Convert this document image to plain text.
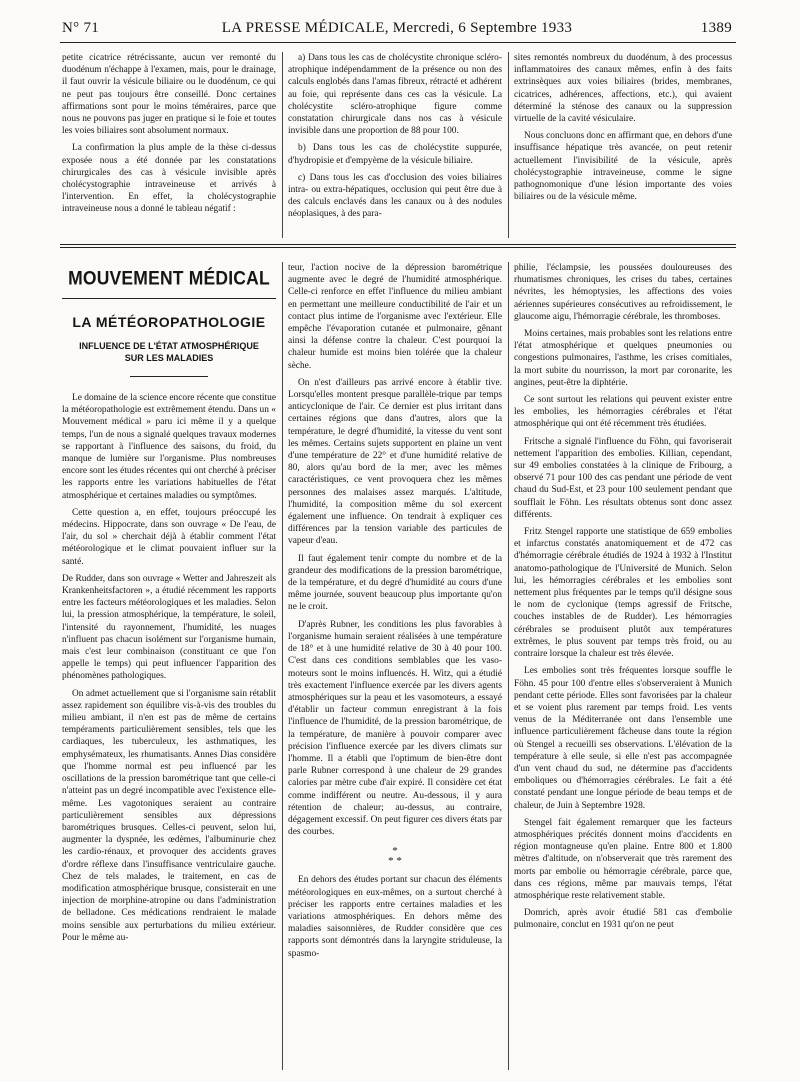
N° 71	LA PRESSE MÉDICALE, Mercredi, 6 Septembre 1933	1389

petite cicatrice rétrécissante, aucun ver remonté du duodénum n'échappe à l'examen, mais, pour le drainage, il faut ouvrir la vésicule biliaire ou le duodénum, ce qui ne peut pas toujours être conseillé. Donc certaines affirmations sont pour le moins téméraires, parce que nous ne pouvons pas juger en pratique si le foie et toutes les voies biliaires sont absolument normaux.

La confirmation la plus ample de la thèse ci-dessus exposée nous a été donnée par les constatations chirurgicales des cas à vésicule invisible après cholécystographie intraveineuse et arrivés à l'intervention. En effet, la cholécystographie intraveineuse nous a donné le tableau négatif :

a) Dans tous les cas de cholécystite chronique scléro-atrophique indépendamment de la présence ou non des calculs englobés dans l'amas fibreux, rétracté et adhérent au foie, qui représente dans ces cas la vésicule. La cholécystite scléro-atrophique figure comme constatation chirurgicale dans nos cas à vésicule invisible dans une proportion de 88 pour 100.

b) Dans tous les cas de cholécystite suppurée, d'hydropisie et d'empyème de la vésicule biliaire.

c) Dans tous les cas d'occlusion des voies biliaires intra- ou extra-hépatiques, occlusion qui peut être due à des calculs enclavés dans les canaux ou à des nodules néoplasiques, à des para-

sites remontés nombreux du duodénum, à des processus inflammatoires des canaux mêmes, enfin à des faits extrinsèques aux voies biliaires (brides, membranes, cicatrices, adhérences, affections, etc.), qui avaient déterminé la sténose des canaux ou la suppression virtuelle de la cavité vésiculaire.

Nous concluons donc en affirmant que, en dehors d'une insuffisance hépatique très avancée, on peut retenir actuellement l'invisibilité de la vésicule, après cholécystographie intraveineuse, comme le signe pathognomonique d'une lésion importante des voies biliaires ou de la vésicule même.

MOUVEMENT MÉDICAL

LA MÉTÉOROPATHOLOGIE

INFLUENCE DE L'ÉTAT ATMOSPHÉRIQUE

SUR LES MALADIES

Le domaine de la science encore récente que constitue la météoropathologie est extrêmement étendu. Dans un « Mouvement médical » paru ici même il y a quelque temps, l'un de nous a signalé quelques travaux modernes se rapportant à l'influence des saisons, du froid, du manque de lumière sur l'organisme. Plus nombreuses encore sont les études récentes qui ont cherché à préciser les rapports entre les variations habituelles de l'état atmosphérique et certaines maladies ou symptômes.

Cette question a, en effet, toujours préoccupé les médecins. Hippocrate, dans son ouvrage « De l'eau, de l'air, du sol » cherchait déjà à établir comment l'état météorologique et le climat pouvaient influer sur la santé.

De Rudder, dans son ouvrage « Wetter and Jahreszeit als Krankenheitsfactoren », a étudié récemment les rapports entre les facteurs météorologiques et les maladies. Selon lui, la pression atmosphérique, la température, le soleil, l'intensité du rayonnement, l'humidité, les nuages n'influent pas chacun isolément sur l'organisme humain, mais c'est leur combinaison (constituant ce que l'on appelle le temps) qui peut influencer l'apparition des phénomènes pathologiques.

On admet actuellement que si l'organisme sain rétablit assez rapidement son équilibre vis-à-vis des troubles du milieu ambiant, il n'en est pas de même de certains tempéraments particulièrement sensibles, tels que les cardiaques, les tuberculeux, les asthmatiques, les emphysémateux, les rhumatisants. Annes Dias considère que l'homme normal est peu influencé par les oscillations de la pression barométrique tant que celle-ci n'atteint pas un degré incompatible avec l'existence elle-même. Les vagotoniques seraient au contraire particulièrement sensibles aux dépressions barométriques brusques. Celles-ci peuvent, selon lui, augmenter la dyspnée, les œdèmes, l'albuminurie chez les cardio-rénaux, et provoquer des accidents graves d'ordre réflexe dans l'insuffisance ventriculaire gauche. Chez de tels malades, le traitement, en cas de modification atmosphérique brusque, consisterait en une injection de morphine-atropine ou dans l'administration de belladone. Ces médications rendraient le malade moins sensible aux perturbations du milieu extérieur. Pour le même au-

teur, l'action nocive de la dépression barométrique augmente avec le degré de l'humidité atmosphérique. Celle-ci renforce en effet l'influence du milieu ambiant en permettant une meilleure conductibilité de l'air et un contact plus intime de l'organisme avec l'extérieur. Elle empêche l'évaporation cutanée et pulmonaire, gênant ainsi la défense contre la chaleur. C'est pourquoi la chaleur humide est moins bien tolérée que la chaleur sèche.

On n'est d'ailleurs pas arrivé encore à établir tive. Lorsqu'elles montent presque parallèle-trique par temps anticyclonique de l'air. Ce dernier est plus irritant dans certaines régions que dans d'autres, alors que la température, le degré d'humidité, la vitesse du vent sont les mêmes. Certains sujets supportent en plaine un vent d'une température de 22° et d'une humidité relative de 80, alors qu'au bord de la mer, avec les mêmes caractéristiques, ce vent provoquera chez les mêmes personnes des malaises assez marqués. L'altitude, l'humidité, la composition même du sol exercent également une influence. On tendrait à expliquer ces différences par la tension variable des particules de vapeur d'eau.

Il faut également tenir compte du nombre et de la grandeur des modifications de la pression barométrique, de la température, et du degré d'humidité au cours d'une même journée, souvent beaucoup plus importante qu'on ne le croit.

D'après Rubner, les conditions les plus favorables à l'organisme humain seraient réalisées à une température de 18° et à une humidité relative de 30 à 40 pour 100. C'est dans ces conditions semblables que les vaso-moteurs sont le moins influencés. H. Witz, qui a étudié très exactement l'influence exercée par les divers agents atmosphériques sur la peau et les vasomoteurs, a essayé d'établir un facteur commun enregistrant à la fois l'influence de l'humidité, de la pression barométrique, de la température, de manière à pouvoir comparer avec précision l'influence exercée par les divers climats sur l'homme. Il a établi que l'optimum de bien-être dont parle Rubner correspond à une chaleur de 29 grandes calories par mètre cube d'air expiré. Il considère cet état comme indifférent ou neutre. Au-dessous, il y aura rétention de chaleur; au-dessus, au contraire, dégagement excessif. On peut figurer ces divers états par des courbes.

*
* *

En dehors des études portant sur chacun des éléments météorologiques en eux-mêmes, on a surtout cherché à préciser les rapports entre certaines maladies et les variations atmosphériques. En dehors même des maladies saisonnières, de Rudder considère que ces rapports sont démontrés dans la laryngite striduleuse, la spasmo-

philie, l'éclampsie, les poussées douloureuses des rhumatismes chroniques, les crises du tabes, certaines névrites, les hémoptysies, les affections des voies aériennes supérieures consécutives au refroidissement, le glaucome aigu, l'hémorragie cérébrale, les thromboses.

Moins certaines, mais probables sont les relations entre l'état atmosphérique et quelques pneumonies ou congestions pulmonaires, l'asthme, les crises comitiales, la mort subite du nourrisson, la mort par coronarite, les angines, peut-être la diphtérie.

Ce sont surtout les relations qui peuvent exister entre les embolies, les hémorragies cérébrales et l'état atmosphérique qui ont été récemment très étudiées.

Fritsche a signalé l'influence du Föhn, qui favoriserait nettement l'apparition des embolies. Killian, cependant, sur 49 embolies constatées à la clinique de Fribourg, a observé 71 pour 100 des cas pendant une période de vent chaud du Sud-Est, et 23 pour 100 seulement pendant que soufflait le Föhn. Les résultats obtenus sont donc assez différents.

Fritz Stengel rapporte une statistique de 659 embolies et infarctus constatés anatomiquement et de 472 cas d'hémorragie cérébrale étudiés de 1924 à 1932 à l'Institut anatomo-pathologique de l'Université de Munich. Selon lui, les hémorragies cérébrales et les embolies sont nettement plus fréquentes par le temps qu'il désigne sous le nom de cyclonique (temps agressif de Fritsche, couches instables de de Rudder). Les hémorragies cérébrales se produisent plutôt aux températures extrêmes, le plus souvent par temps très froid, ou au contraire lorsque la chaleur est très élevée.

Les embolies sont très fréquentes lorsque souffle le Föhn. 45 pour 100 d'entre elles s'observeraient à Munich pendant cette période. Elles sont favorisées par la chaleur et se voient plus rarement par temps froid. Les vents venus de la Méditerranée ont dans l'ensemble une influence particulièrement fâcheuse dans toute la région où Stengel a recueilli ses observations. L'élévation de la température à elle seule, si elle n'est pas accompagnée d'un vent chaud du sud, ne détermine pas d'accidents emboliques ou d'hémorragies cérébrales. Le fait a été constaté pendant une longue période de beau temps et de chaleur, de Juin à Septembre 1928.

Stengel fait également remarquer que les facteurs atmosphériques précités donnent moins d'accidents en région montagneuse qu'en plaine. Entre 800 et 1.800 mètres d'altitude, on n'observerait que très rarement des morts par embolie ou hémorragie cérébrale, parce que, dans ces régions, même par mauvais temps, l'état atmosphérique reste relativement stable.

Domrich, après avoir étudié 581 cas d'embolie pulmonaire, conclut en 1931 qu'on ne peut
